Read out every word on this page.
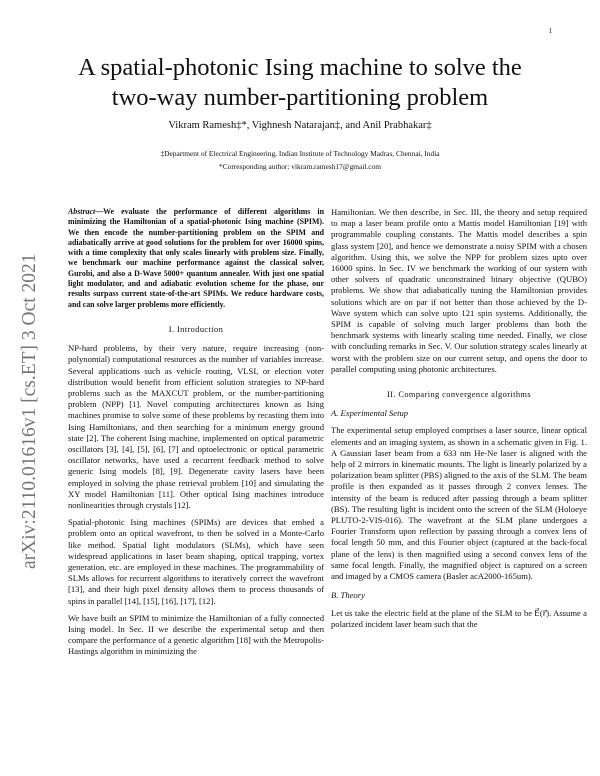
1
arXiv:2110.01616v1 [cs.ET] 3 Oct 2021
A spatial-photonic Ising machine to solve the
two-way number-partitioning problem
Vikram Ramesh‡*, Vighnesh Natarajan‡, and Anil Prabhakar‡
‡Department of Electrical Engineering, Indian Institute of Technology Madras, Chennai, India
*Corresponding author: vikram.ramesh17@gmail.com

Abstract—We evaluate the performance of different algorithms in minimizing the Hamiltonian of a spatial-photonic Ising machine (SPIM). We then encode the number-partitioning problem on the SPIM and adiabatically arrive at good solutions for the problem for over 16000 spins, with a time complexity that only scales linearly with problem size. Finally, we benchmark our machine performance against the classical solver, Gurobi, and also a D-Wave 5000+ quantum annealer. With just one spatial light modulator, and and adiabatic evolution scheme for the phase, our results surpass current state-of-the-art SPIMs. We reduce hardware costs, and can solve larger problems more efficiently.

I. Introduction

NP-hard problems, by their very nature, require increasing (non-polynomial) computational resources as the number of variables increase. Several applications such as vehicle routing, VLSI, or election voter distribution would benefit from efficient solution strategies to NP-hard problems such as the MAXCUT problem, or the number-partitioning problem (NPP) [1]. Novel computing architectures known as Ising machines promise to solve some of these problems by recasting them into Ising Hamiltonians, and then searching for a minimum energy ground state [2]. The coherent Ising machine, implemented on optical parametric oscillators [3], [4], [5], [6], [7] and optoelectronic or optical parametric oscillator networks, have used a recurrent feedback method to solve generic Ising models [8], [9]. Degenerate cavity lasers have been employed in solving the phase retrieval problem [10] and simulating the XY model Hamiltonian [11]. Other optical Ising machines introduce nonlinearities through crystals [12].

Spatial-photonic Ising machines (SPIMs) are devices that embed a problem onto an optical wavefront, to then be solved in a Monte-Carlo like method. Spatial light modulators (SLMs), which have seen widespread applications in laser beam shaping, optical trapping, vortex generation, etc. are employed in these machines. The programmability of SLMs allows for recurrent algorithms to iteratively correct the wavefront [13], and their high pixel density allows them to process thousands of spins in parallel [14], [15], [16], [17], [12].

We have built an SPIM to minimize the Hamiltonian of a fully connected Ising model. In Sec. II we describe the experimental setup and then compare the performance of a genetic algorithm [18] with the Metropolis-Hastings algorithm in minimizing the

Hamiltonian. We then describe, in Sec. III, the theory and setup required to map a laser beam profile onto a Mattis model Hamiltonian [19] with programmable coupling constants. The Mattis model describes a spin glass system [20], and hence we demonstrate a noisy SPIM with a chosen algorithm. Using this, we solve the NPP for problem sizes upto over 16000 spins. In Sec. IV we benchmark the working of our system with other solvers of quadratic unconstrained binary objective (QUBO) problems. We show that adiabatically tuning the Hamiltonian provides solutions which are on par if not better than those achieved by the D-Wave system which can solve upto 121 spin systems. Additionally, the SPIM is capable of solving much larger problems than both the benchmark systems with linearly scaling time needed. Finally, we close with concluding remarks in Sec. V. Our solution strategy scales linearly at worst with the problem size on our current setup, and opens the door to parallel computing using photonic architectures.

II. Comparing convergence algorithms
A. Experimental Setup

The experimental setup employed comprises a laser source, linear optical elements and an imaging system, as shown in a schematic given in Fig. 1. A Gaussian laser beam from a 633 nm He-Ne laser is aligned with the help of 2 mirrors in kinematic mounts. The light is linearly polarized by a polarization beam splitter (PBS) aligned to the axis of the SLM. The beam profile is then expanded as it passes through 2 convex lenses. The intensity of the beam is reduced after passing through a beam splitter (BS). The resulting light is incident onto the screen of the SLM (Holoeye PLUTO-2-VIS-016). The wavefront at the SLM plane undergoes a Fourier Transform upon reflection by passing through a convex lens of focal length 50 mm, and this Fourier object (captured at the back-focal plane of the lens) is then magnified using a second convex lens of the same focal length. Finally, the magnified object is captured on a screen and imaged by a CMOS camera (Basler acA2000-165um).

B. Theory

Let us take the electric field at the plane of the SLM to be E⃗(r⃗). Assume a polarized incident laser beam such that the
